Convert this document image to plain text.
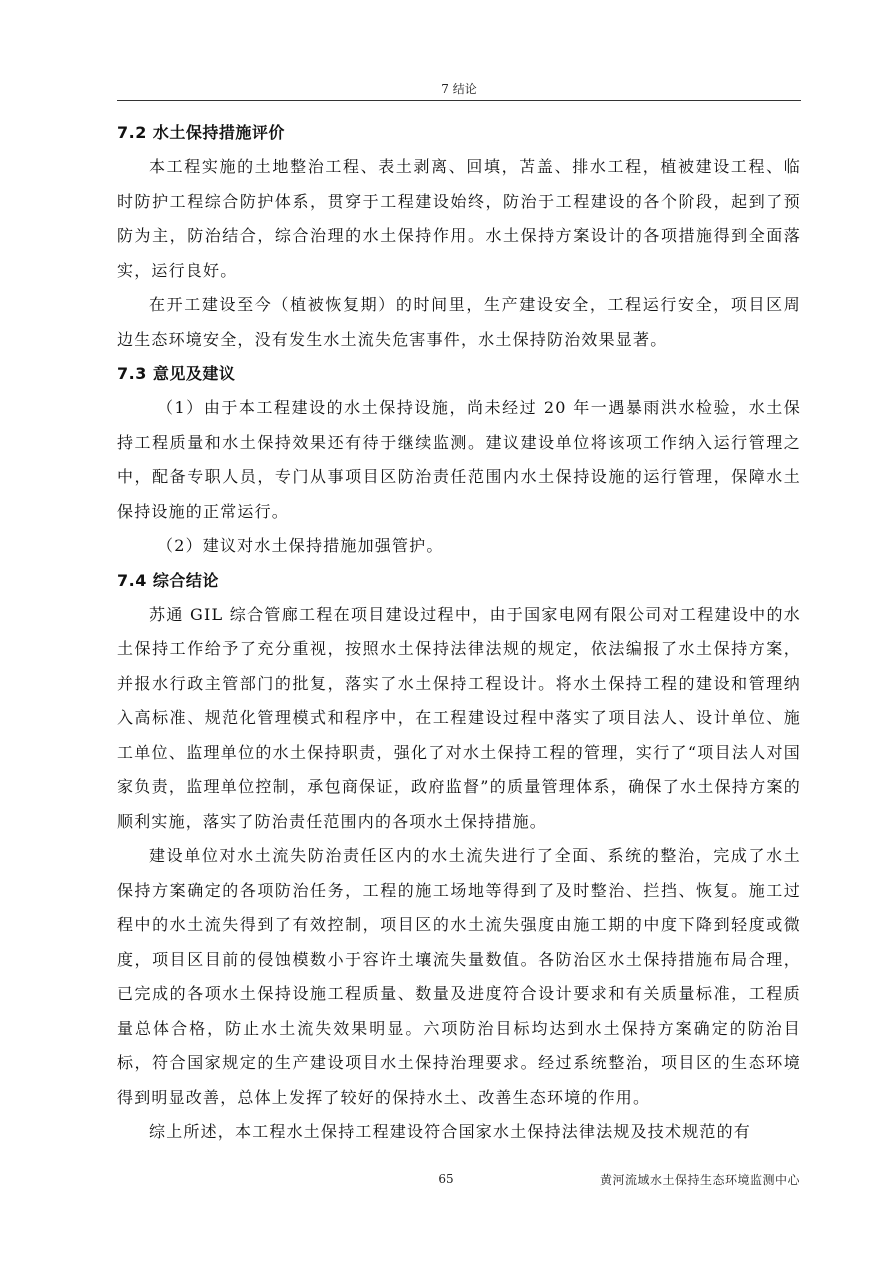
7 结论
7.2 水土保持措施评价

本工程实施的土地整治工程、表土剥离、回填，苫盖、排水工程，植被建设工程、临时防护工程综合防护体系，贯穿于工程建设始终，防治于工程建设的各个阶段，起到了预防为主，防治结合，综合治理的水土保持作用。水土保持方案设计的各项措施得到全面落实，运行良好。

在开工建设至今（植被恢复期）的时间里，生产建设安全，工程运行安全，项目区周边生态环境安全，没有发生水土流失危害事件，水土保持防治效果显著。

7.3 意见及建议

（1）由于本工程建设的水土保持设施，尚未经过 20 年一遇暴雨洪水检验，水土保持工程质量和水土保持效果还有待于继续监测。建议建设单位将该项工作纳入运行管理之中，配备专职人员，专门从事项目区防治责任范围内水土保持设施的运行管理，保障水土保持设施的正常运行。

（2）建议对水土保持措施加强管护。

7.4 综合结论

苏通 GIL 综合管廊工程在项目建设过程中，由于国家电网有限公司对工程建设中的水土保持工作给予了充分重视，按照水土保持法律法规的规定，依法编报了水土保持方案，并报水行政主管部门的批复，落实了水土保持工程设计。将水土保持工程的建设和管理纳入高标准、规范化管理模式和程序中，在工程建设过程中落实了项目法人、设计单位、施工单位、监理单位的水土保持职责，强化了对水土保持工程的管理，实行了“项目法人对国家负责，监理单位控制，承包商保证，政府监督”的质量管理体系，确保了水土保持方案的顺利实施，落实了防治责任范围内的各项水土保持措施。

建设单位对水土流失防治责任区内的水土流失进行了全面、系统的整治，完成了水土保持方案确定的各项防治任务，工程的施工场地等得到了及时整治、拦挡、恢复。施工过程中的水土流失得到了有效控制，项目区的水土流失强度由施工期的中度下降到轻度或微度，项目区目前的侵蚀模数小于容许土壤流失量数值。各防治区水土保持措施布局合理，已完成的各项水土保持设施工程质量、数量及进度符合设计要求和有关质量标准，工程质量总体合格，防止水土流失效果明显。六项防治目标均达到水土保持方案确定的防治目标，符合国家规定的生产建设项目水土保持治理要求。经过系统整治，项目区的生态环境得到明显改善，总体上发挥了较好的保持水土、改善生态环境的作用。

综上所述，本工程水土保持工程建设符合国家水土保持法律法规及技术规范的有

65	黄河流域水土保持生态环境监测中心
